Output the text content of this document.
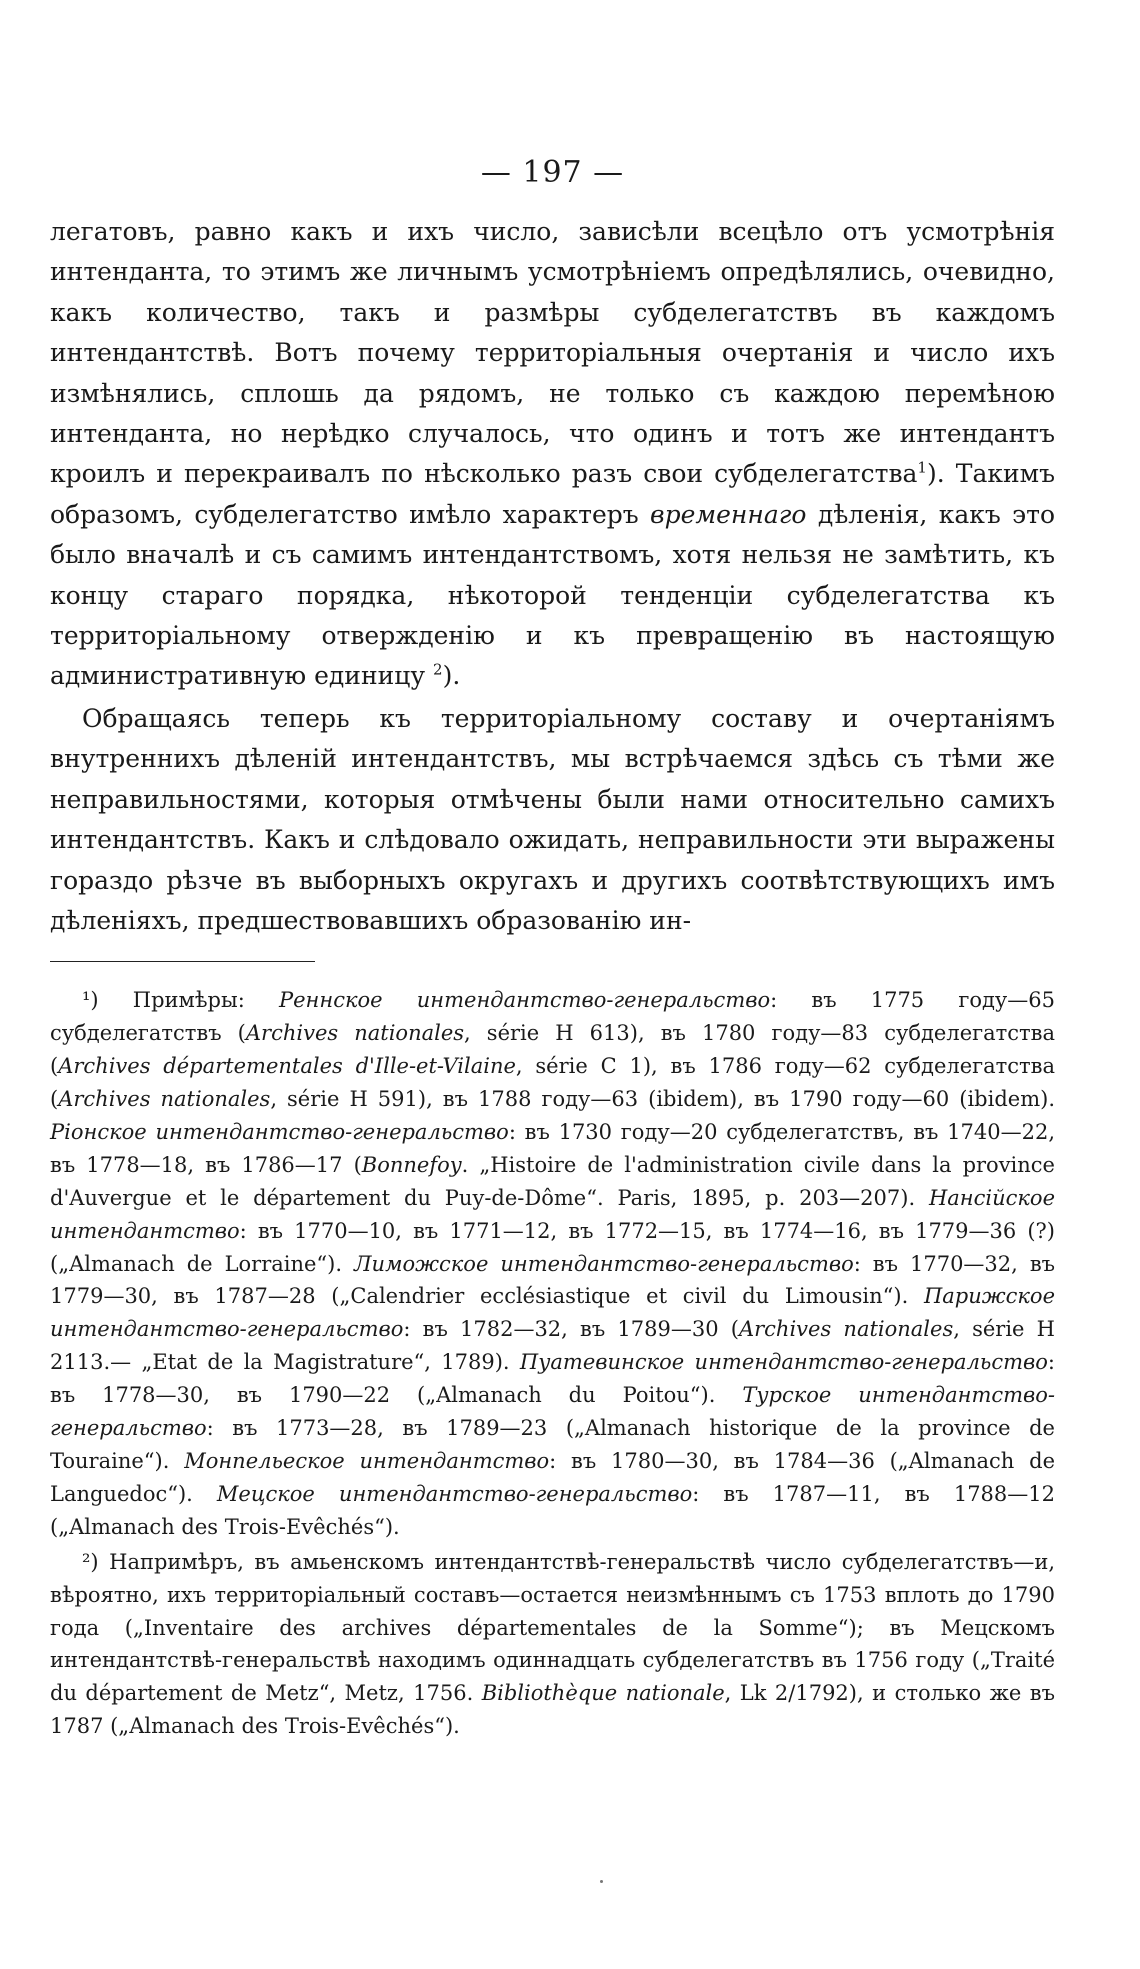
— 197 —

легатовъ, равно какъ и ихъ число, зависѣли всецѣло отъ усмотрѣнія интенданта, то этимъ же личнымъ усмотрѣніемъ опредѣлялись, очевидно, какъ количество, такъ и размѣры субделегатствъ въ каждомъ интендантствѣ. Вотъ почему территоріальныя очертанія и число ихъ измѣнялись, сплошь да рядомъ, не только съ каждою перемѣною интенданта, но нерѣдко случалось, что одинъ и тотъ же интендантъ кроилъ и перекраивалъ по нѣсколько разъ свои субделегатства$^1$). Такимъ образомъ, субделегатство имѣло характеръ временнаго дѣленія, какъ это было вначалѣ и съ самимъ интендантствомъ, хотя нельзя не замѣтить, къ концу стараго порядка, нѣкоторой тенденціи субделегатства къ территоріальному отвержденію и къ превращенію въ настоящую административную единицу $^2$).

Обращаясь теперь къ территоріальному составу и очертаніямъ внутреннихъ дѣленій интендантствъ, мы встрѣчаемся здѣсь съ тѣми же неправильностями, которыя отмѣчены были нами относительно самихъ интендантствъ. Какъ и слѣдовало ожидать, неправильности эти выражены гораздо рѣзче въ выборныхъ округахъ и другихъ соотвѣтствующихъ имъ дѣленіяхъ, предшествовавшихъ образованію ин-

¹) Примѣры: Реннское интендантство-генеральство: въ 1775 году—65 субделегатствъ (Archives nationales, série H 613), въ 1780 году—83 субделегатства (Archives départementales d'Ille-et-Vilaine, série C 1), въ 1786 году—62 субделегатства (Archives nationales, série H 591), въ 1788 году—63 (ibidem), въ 1790 году—60 (ibidem). Ріонское интендантство-генеральство: въ 1730 году—20 субделегатствъ, въ 1740—22, въ 1778—18, въ 1786—17 (Bonnefoy. „Histoire de l'administration civile dans la province d'Auvergue et le département du Puy-de-Dôme“. Paris, 1895, p. 203—207). Нансійское интендантство: въ 1770—10, въ 1771—12, въ 1772—15, въ 1774—16, въ 1779—36 (?) („Almanach de Lorraine“). Лиможское интендантство-генеральство: въ 1770—32, въ 1779—30, въ 1787—28 („Calendrier ecclésiastique et civil du Limousin“). Парижское интендантство-генеральство: въ 1782—32, въ 1789—30 (Archives nationales, série H 2113.— „Etat de la Magistrature“, 1789). Пуатевинское интендантство-генеральство: въ 1778—30, въ 1790—22 („Almanach du Poitou“). Турское интендантство-генеральство: въ 1773—28, въ 1789—23 („Almanach historique de la province de Touraine“). Монпельеское интендантство: въ 1780—30, въ 1784—36 („Almanach de Languedoc“). Мецское интендантство-генеральство: въ 1787—11, въ 1788—12 („Almanach des Trois-Evêchés“).

²) Напримѣръ, въ амьенскомъ интендантствѣ-генеральствѣ число субделегатствъ—и, вѣроятно, ихъ территоріальный составъ—остается неизмѣннымъ съ 1753 вплоть до 1790 года („Inventaire des archives départementales de la Somme“); въ Мецскомъ интендантствѣ-генеральствѣ находимъ одиннадцать субделегатствъ въ 1756 году („Traité du département de Metz“, Metz, 1756. Bibliothèque nationale, Lk 2/1792), и столько же въ 1787 („Almanach des Trois-Evêchés“).
